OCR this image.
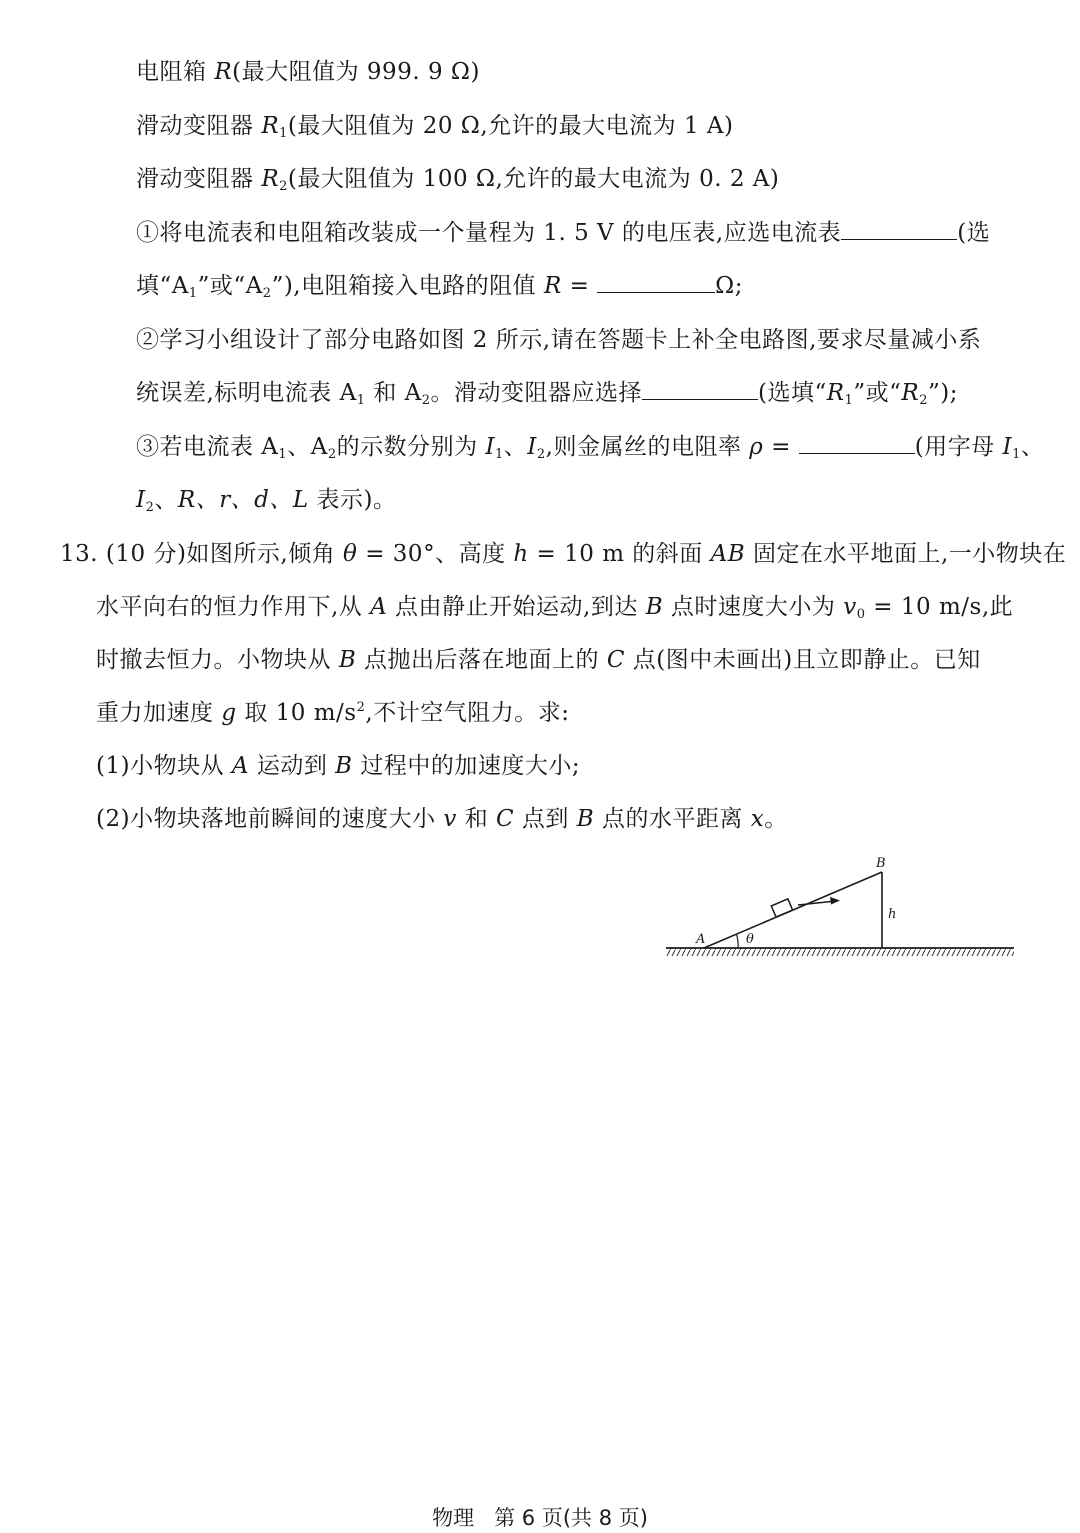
电阻箱 R(最大阻值为 999. 9 Ω)
滑动变阻器 $R_1$(最大阻值为 20 Ω,允许的最大电流为 1 A)
滑动变阻器 $R_2$(最大阻值为 100 Ω,允许的最大电流为 0. 2 A)
①将电流表和电阻箱改装成一个量程为 1. 5 V 的电压表,应选电流表	(选
填“$A_1$”或“$A_2$”),电阻箱接入电路的阻值 R =	Ω;
②学习小组设计了部分电路如图 2 所示,请在答题卡上补全电路图,要求尽量减小系
统误差,标明电流表 $A_1$ 和 $A_2$。滑动变阻器应选择	(选填“$R_1$”或“$R_2$”);
③若电流表 $A_1$、$A_2$的示数分别为 $I_1$、$I_2$,则金属丝的电阻率 ρ =	(用字母 $I_1$、
$I_2$、R、r、d、L 表示)。
13. (10 分)如图所示,倾角 θ = 30°、高度 h = 10 m 的斜面 AB 固定在水平地面上,一小物块在
水平向右的恒力作用下,从 A 点由静止开始运动,到达 B 点时速度大小为 $v_0 = 10$ m/s,此
时撤去恒力。小物块从 B 点抛出后落在地面上的 C 点(图中未画出)且立即静止。已知
重力加速度 g 取 10 $m/s^2$,不计空气阻力。求:
(1)小物块从 A 运动到 B 过程中的加速度大小;
(2)小物块落地前瞬间的速度大小 v 和 C 点到 B 点的水平距离 x。
A
B
h
θ
物理 第 6 页(共 8 页)
